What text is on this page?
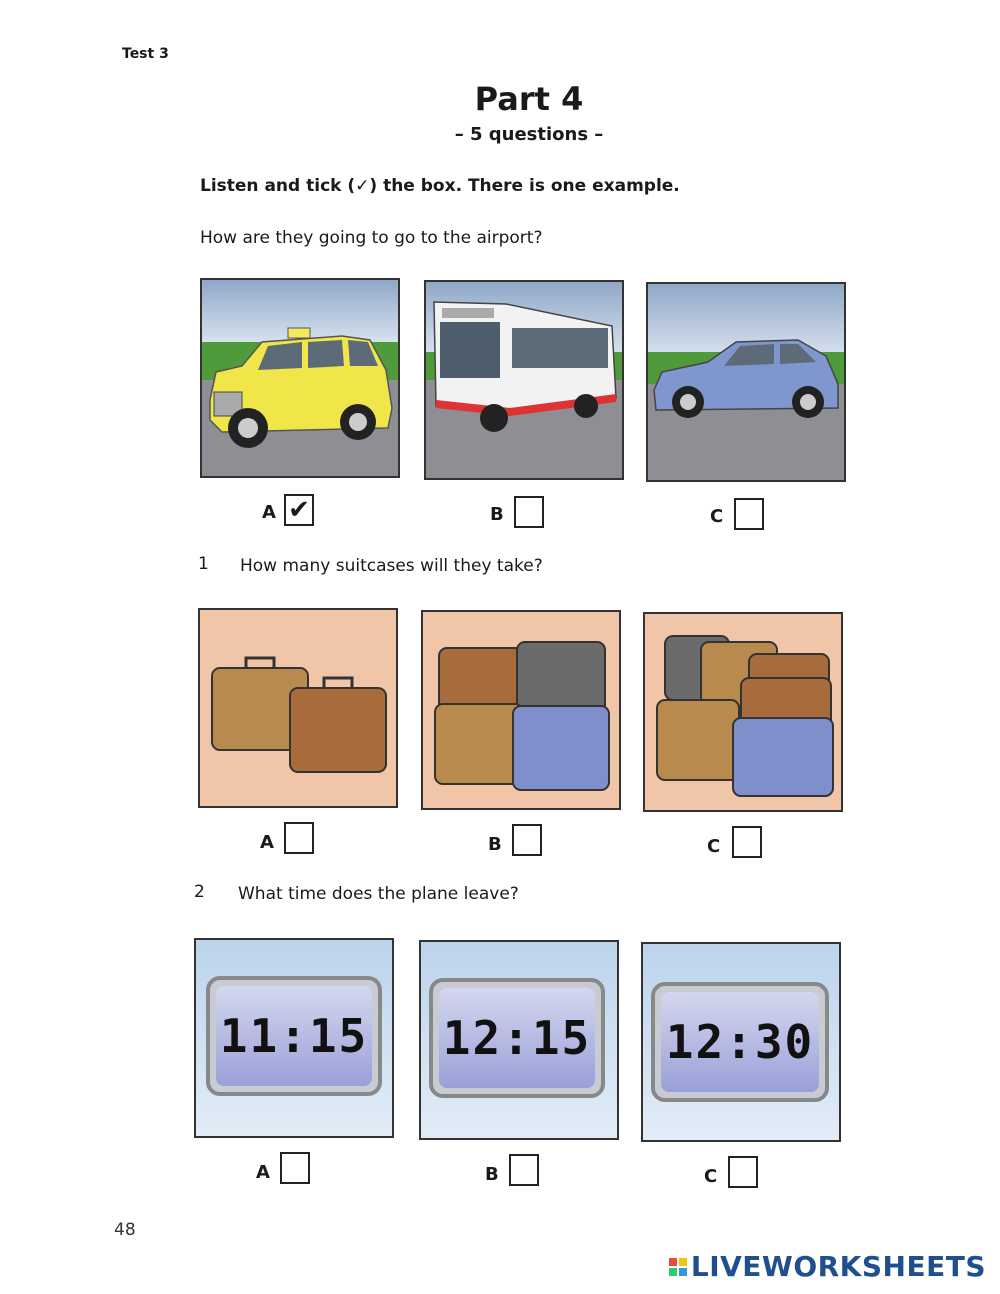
Test 3
Part 4
– 5 questions –
Listen and tick (✓) the box. There is one example.
How are they going to go to the airport?
A ✔	B	C
1 How many suitcases will they take?
A	B	C
2 What time does the plane leave?
11:15 12:15 12:30
A	B	C
48
LIVEWORKSHEETS
